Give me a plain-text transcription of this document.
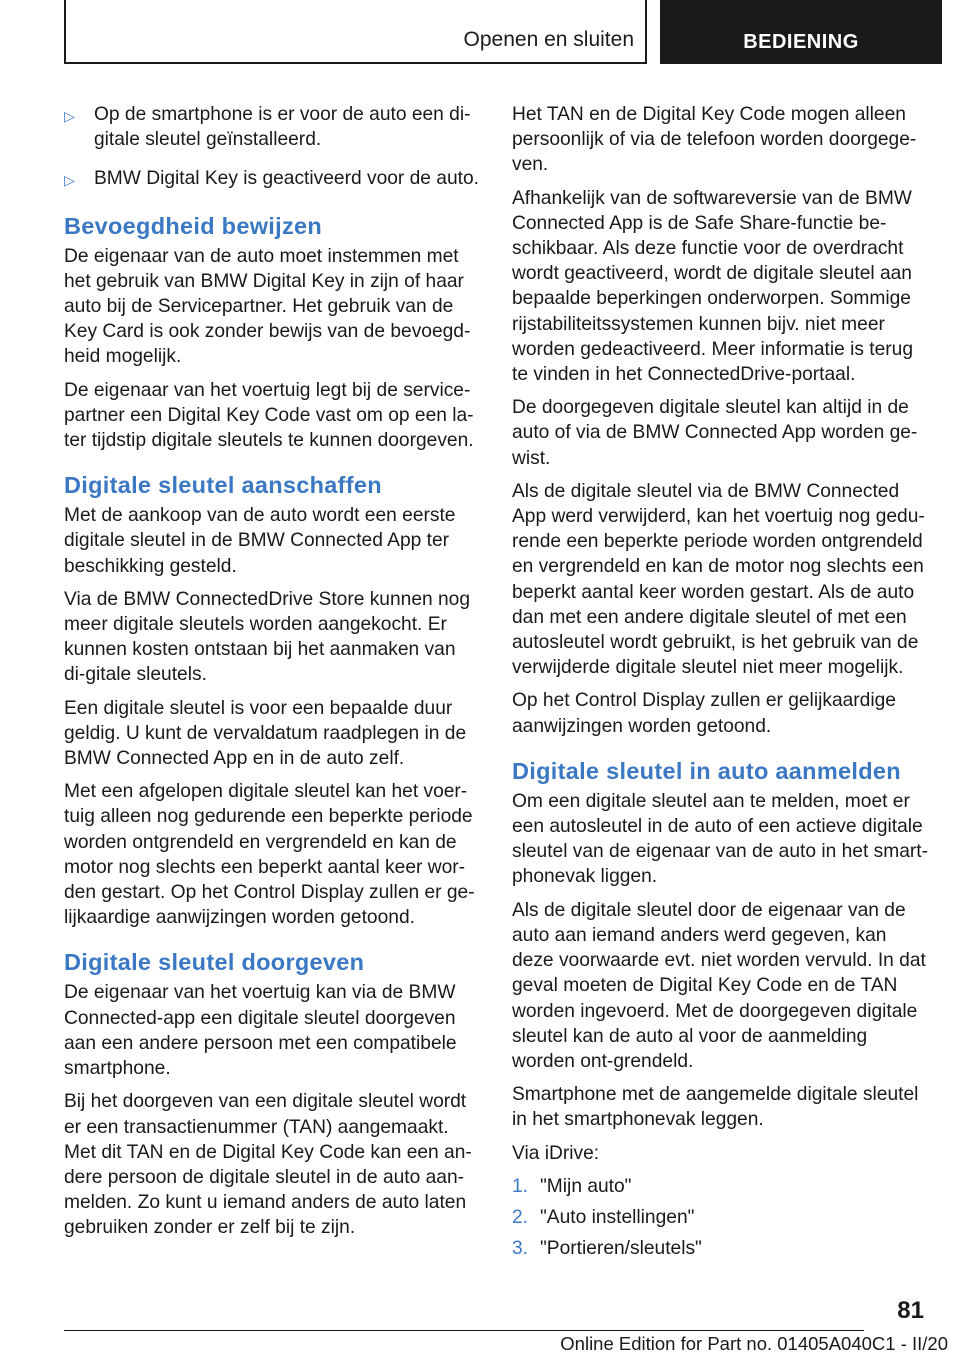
Openen en sluiten	BEDIENING
▷	Op de smartphone is er voor de auto een di-gitale sleutel geïnstalleerd.
▷	BMW Digital Key is geactiveerd voor de auto.
Bevoegdheid bewijzen

De eigenaar van de auto moet instemmen met het gebruik van BMW Digital Key in zijn of haar auto bij de Servicepartner. Het gebruik van de Key Card is ook zonder bewijs van de bevoegd-heid mogelijk.

De eigenaar van het voertuig legt bij de service-partner een Digital Key Code vast om op een la-ter tijdstip digitale sleutels te kunnen doorgeven.

Digitale sleutel aanschaffen

Met de aankoop van de auto wordt een eerste digitale sleutel in de BMW Connected App ter beschikking gesteld.

Via de BMW ConnectedDrive Store kunnen nog meer digitale sleutels worden aangekocht. Er kunnen kosten ontstaan bij het aanmaken van di-gitale sleutels.

Een digitale sleutel is voor een bepaalde duur geldig. U kunt de vervaldatum raadplegen in de BMW Connected App en in de auto zelf.

Met een afgelopen digitale sleutel kan het voer-tuig alleen nog gedurende een beperkte periode worden ontgrendeld en vergrendeld en kan de motor nog slechts een beperkt aantal keer wor-den gestart. Op het Control Display zullen er ge-lijkaardige aanwijzingen worden getoond.

Digitale sleutel doorgeven

De eigenaar van het voertuig kan via de BMW Connected-app een digitale sleutel doorgeven aan een andere persoon met een compatibele smartphone.

Bij het doorgeven van een digitale sleutel wordt er een transactienummer (TAN) aangemaakt. Met dit TAN en de Digital Key Code kan een an-dere persoon de digitale sleutel in de auto aan-melden. Zo kunt u iemand anders de auto laten gebruiken zonder er zelf bij te zijn.

Het TAN en de Digital Key Code mogen alleen persoonlijk of via de telefoon worden doorgege-ven.

Afhankelijk van de softwareversie van de BMW Connected App is de Safe Share-functie be-schikbaar. Als deze functie voor de overdracht wordt geactiveerd, wordt de digitale sleutel aan bepaalde beperkingen onderworpen. Sommige rijstabiliteitssystemen kunnen bijv. niet meer worden gedeactiveerd. Meer informatie is terug te vinden in het ConnectedDrive-portaal.

De doorgegeven digitale sleutel kan altijd in de auto of via de BMW Connected App worden ge-wist.

Als de digitale sleutel via de BMW Connected App werd verwijderd, kan het voertuig nog gedu-rende een beperkte periode worden ontgrendeld en vergrendeld en kan de motor nog slechts een beperkt aantal keer worden gestart. Als de auto dan met een andere digitale sleutel of met een autosleutel wordt gebruikt, is het gebruik van de verwijderde digitale sleutel niet meer mogelijk.

Op het Control Display zullen er gelijkaardige aanwijzingen worden getoond.

Digitale sleutel in auto aanmelden

Om een digitale sleutel aan te melden, moet er een autosleutel in de auto of een actieve digitale sleutel van de eigenaar van de auto in het smart-phonevak liggen.

Als de digitale sleutel door de eigenaar van de auto aan iemand anders werd gegeven, kan deze voorwaarde evt. niet worden vervuld. In dat geval moeten de Digital Key Code en de TAN worden ingevoerd. Met de doorgegeven digitale sleutel kan de auto al voor de aanmelding worden ont-grendeld.

Smartphone met de aangemelde digitale sleutel in het smartphonevak leggen.

Via iDrive:

1. "Mijn auto"
2. "Auto instellingen"
3. "Portieren/sleutels"
81
Online Edition for Part no. 01405A040C1 - II/20
